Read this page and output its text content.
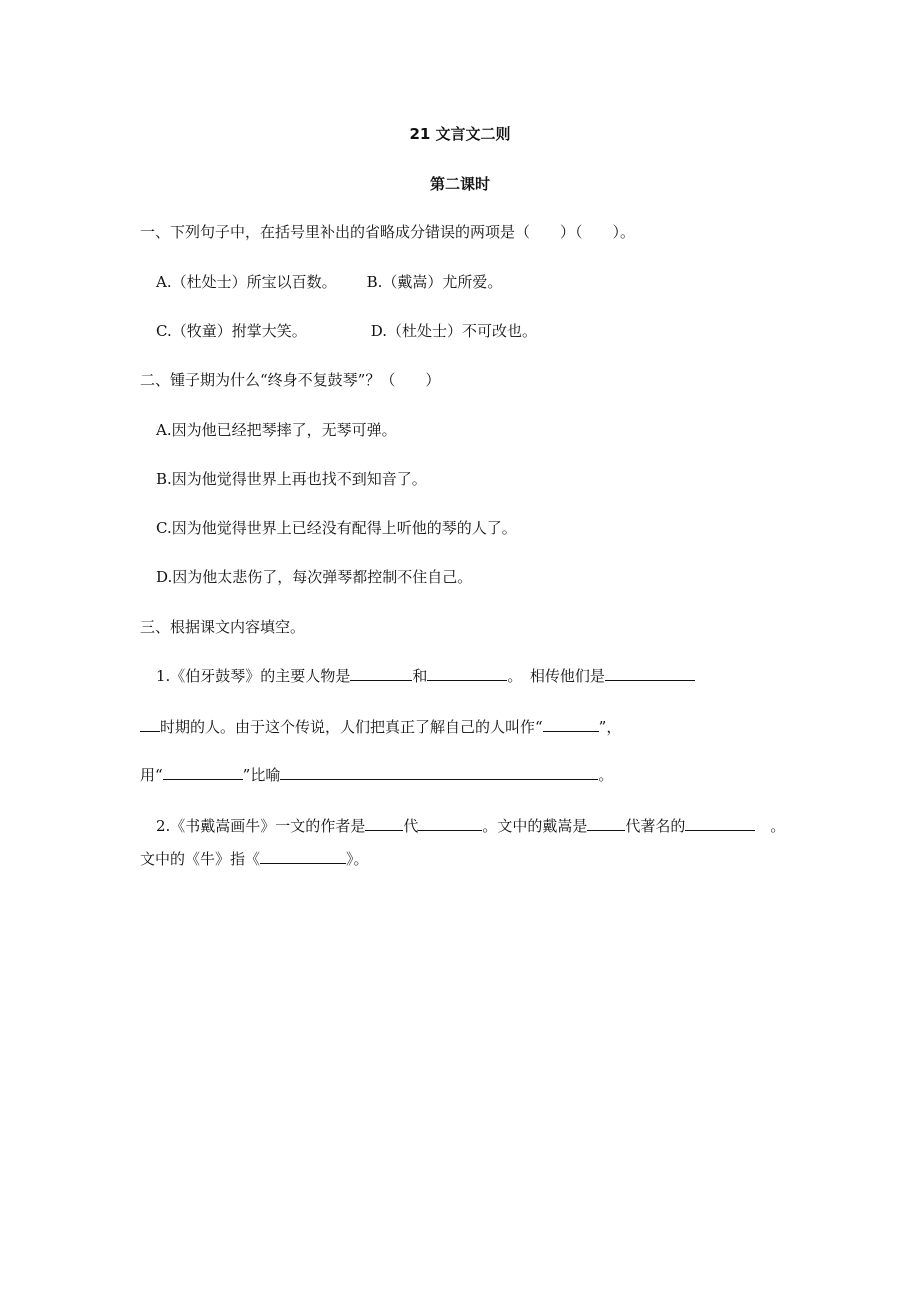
21 文言文二则
第二课时
一、下列句子中，在括号里补出的省略成分错误的两项是（　　）（　　）。
A.（杜处士）所宝以百数。 B.（戴嵩）尤所爱。
C.（牧童）拊掌大笑。	D.（杜处士）不可改也。
二、锺子期为什么“终身不复鼓琴”？（　　）
A.因为他已经把琴摔了，无琴可弹。
B.因为他觉得世界上再也找不到知音了。
C.因为他觉得世界上已经没有配得上听他的琴的人了。
D.因为他太悲伤了，每次弹琴都控制不住自己。
三、根据课文内容填空。
1.《伯牙鼓琴》的主要人物是	和	。　相传他们是
时期的人。由于这个传说，人们把真正了解自己的人叫作“	”，
用“	”比喻	。
2.《书戴嵩画牛》一文的作者是	代	。文中的戴嵩是	代著名的	　。
文中的《牛》指《	》。
